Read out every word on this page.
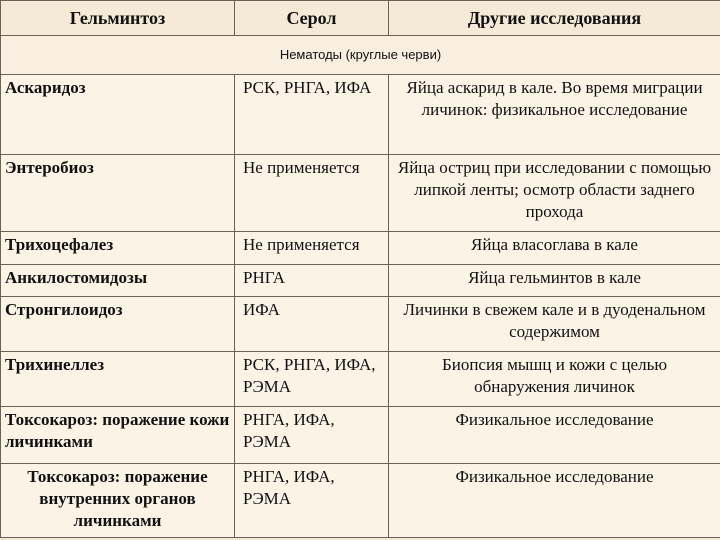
Гельминтоз	Серол	Другие исследования
Нематоды (круглые черви)		
Аскаридоз	РСК, РНГА, ИФА	Яйца аскарид в кале. Во время миграции личинок: физикальное исследование
Энтеробиоз	Не применяется	Яйца остриц при исследовании с помощью липкой ленты; осмотр области заднего прохода
Трихоцефалез	Не применяется	Яйца власоглава в кале
Анкилостомидозы	РНГА	Яйца гельминтов в кале
Стронгилоидоз	ИФА	Личинки в свежем кале и в дуоденальном содержимом
Трихинеллез	РСК, РНГА, ИФА, РЭМА	Биопсия мышц и кожи с целью обнаружения личинок
Токсокароз: поражение кожи личинками	РНГА, ИФА, РЭМА	Физикальное исследование
Токсокароз: поражение внутренних органов личинками	РНГА, ИФА, РЭМА	Физикальное исследование
